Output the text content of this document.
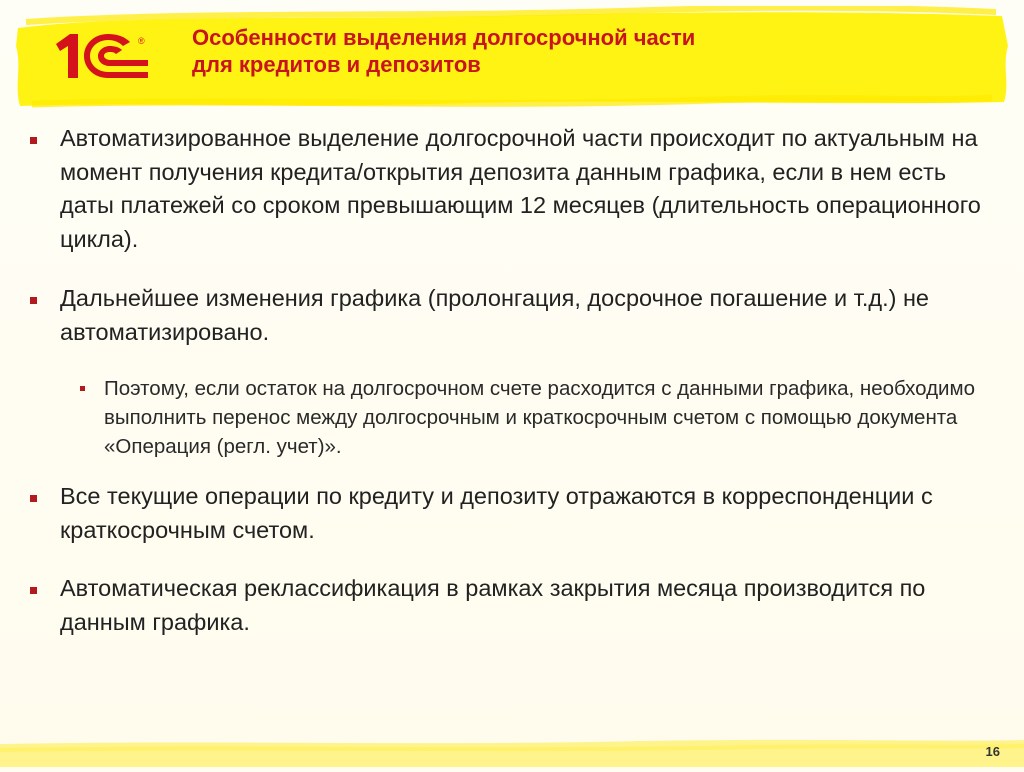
® Особенности выделения долгосрочной части
для кредитов и депозитов

Автоматизированное выделение долгосрочной части происходит по актуальным на момент получения кредита/открытия депозита данным графика, если в нем есть даты платежей со сроком превышающим 12 месяцев (длительность операционного цикла).

Дальнейшее изменения графика (пролонгация, досрочное погашение и т.д.) не автоматизировано.

Поэтому, если остаток на долгосрочном счете расходится с данными графика, необходимо выполнить перенос между долгосрочным и краткосрочным счетом с помощью документа «Операция (регл. учет)».

Все текущие операции по кредиту и депозиту отражаются в корреспонденции с краткосрочным счетом.

Автоматическая реклассификация в рамках закрытия месяца производится по данным графика.

16
